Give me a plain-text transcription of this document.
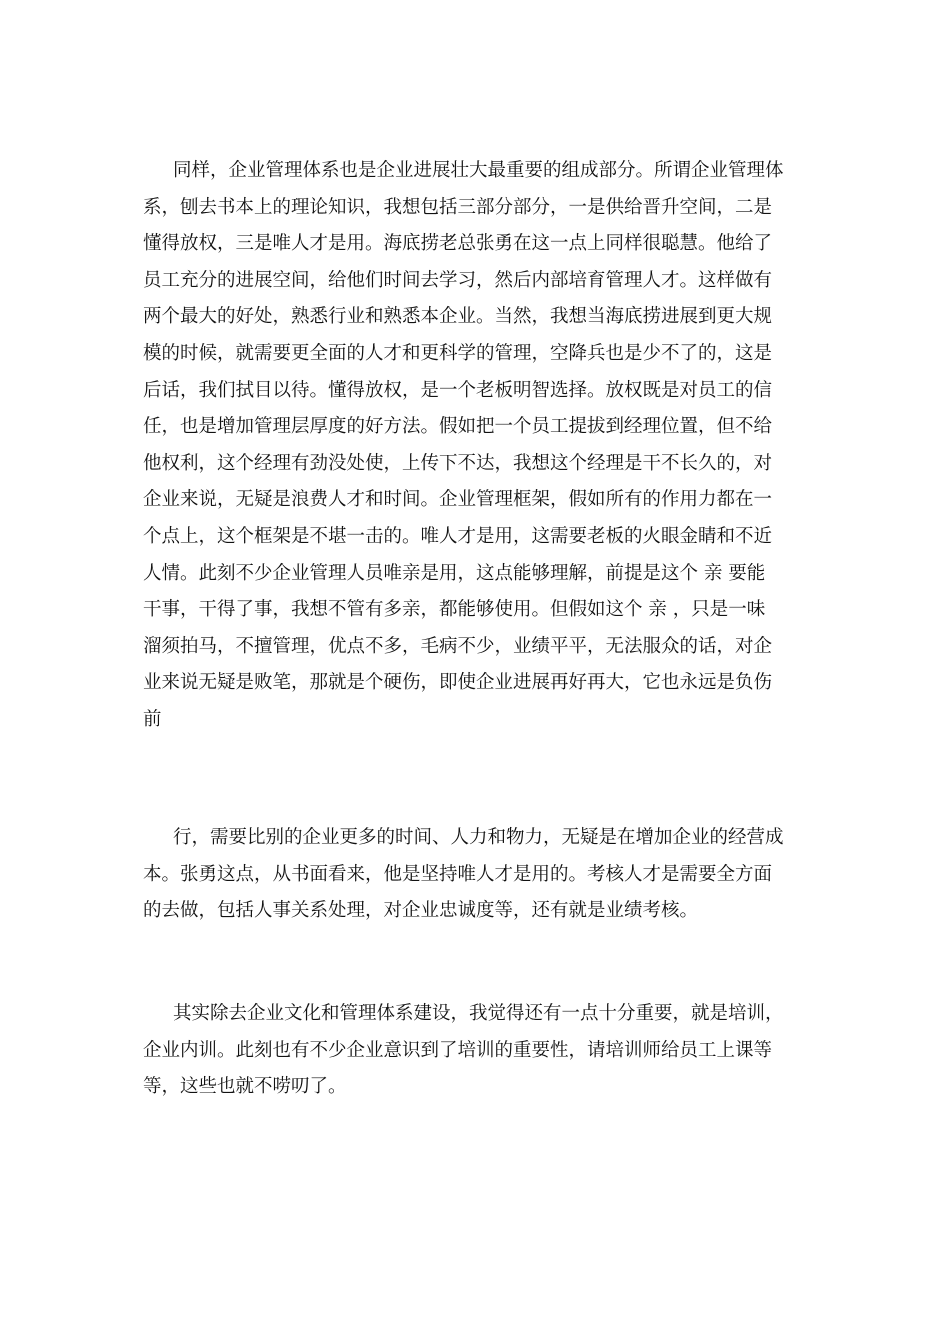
同样，企业管理体系也是企业进展壮大最重要的组成部分。所谓企业管理体
系，刨去书本上的理论知识，我想包括三部分部分，一是供给晋升空间，二是
懂得放权，三是唯人才是用。海底捞老总张勇在这一点上同样很聪慧。他给了
员工充分的进展空间，给他们时间去学习，然后内部培育管理人才。这样做有
两个最大的好处，熟悉行业和熟悉本企业。当然，我想当海底捞进展到更大规
模的时候，就需要更全面的人才和更科学的管理，空降兵也是少不了的，这是
后话，我们拭目以待。懂得放权，是一个老板明智选择。放权既是对员工的信
任，也是增加管理层厚度的好方法。假如把一个员工提拔到经理位置，但不给
他权利，这个经理有劲没处使，上传下不达，我想这个经理是干不长久的，对
企业来说，无疑是浪费人才和时间。企业管理框架，假如所有的作用力都在一
个点上，这个框架是不堪一击的。唯人才是用，这需要老板的火眼金睛和不近
人情。此刻不少企业管理人员唯亲是用，这点能够理解，前提是这个 亲 要能
干事，干得了事，我想不管有多亲，都能够使用。但假如这个 亲 ，只是一味
溜须拍马，不擅管理，优点不多，毛病不少，业绩平平，无法服众的话，对企
业来说无疑是败笔，那就是个硬伤，即使企业进展再好再大，它也永远是负伤
前
行，需要比别的企业更多的时间、人力和物力，无疑是在增加企业的经营成
本。张勇这点，从书面看来，他是坚持唯人才是用的。考核人才是需要全方面
的去做，包括人事关系处理，对企业忠诚度等，还有就是业绩考核。
其实除去企业文化和管理体系建设，我觉得还有一点十分重要，就是培训，
企业内训。此刻也有不少企业意识到了培训的重要性，请培训师给员工上课等
等，这些也就不唠叨了。
